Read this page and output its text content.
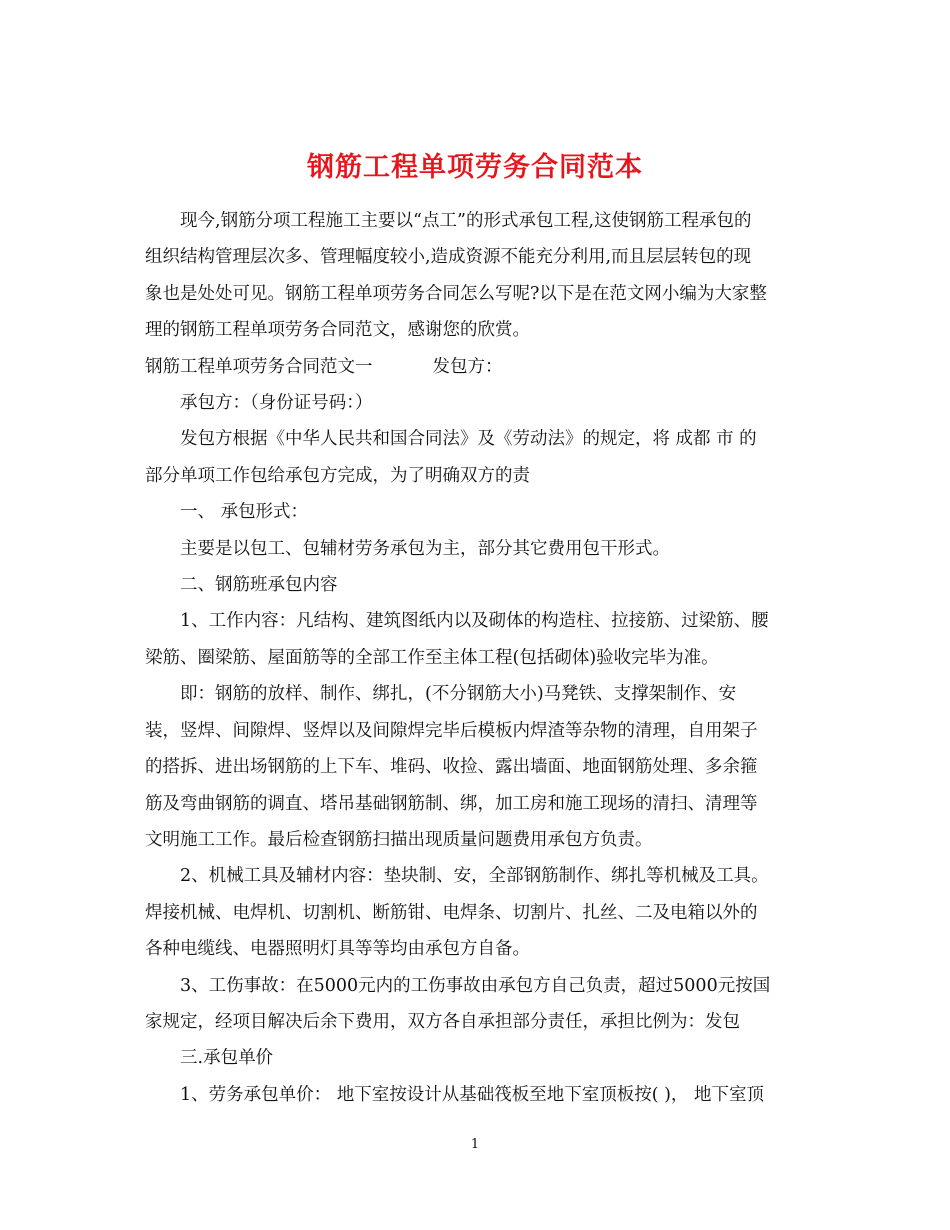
钢筋工程单项劳务合同范本

现今,钢筋分项工程施工主要以“点工”的形式承包工程,这使钢筋工程承包的

组织结构管理层次多、管理幅度较小,造成资源不能充分利用,而且层层转包的现

象也是处处可见。钢筋工程单项劳务合同怎么写呢?以下是在范文网小编为大家整

理的钢筋工程单项劳务合同范文，感谢您的欣赏。

钢筋工程单项劳务合同范文一	发包方：

承包方：（身份证号码：）

发包方根据《中华人民共和国合同法》及《劳动法》的规定，将 成都 市 的

部分单项工作包给承包方完成，为了明确双方的责

一、 承包形式：

主要是以包工、包辅材劳务承包为主，部分其它费用包干形式。

二、钢筋班承包内容

1、工作内容：凡结构、建筑图纸内以及砌体的构造柱、拉接筋、过梁筋、腰

梁筋、圈梁筋、屋面筋等的全部工作至主体工程(包括砌体)验收完毕为准。

即：钢筋的放样、制作、绑扎，(不分钢筋大小)马凳铁、支撑架制作、安

装，竖焊、间隙焊、竖焊以及间隙焊完毕后模板内焊渣等杂物的清理，自用架子

的搭拆、进出场钢筋的上下车、堆码、收捡、露出墙面、地面钢筋处理、多余箍

筋及弯曲钢筋的调直、塔吊基础钢筋制、绑，加工房和施工现场的清扫、清理等

文明施工工作。最后检查钢筋扫描出现质量问题费用承包方负责。

2、机械工具及辅材内容：垫块制、安，全部钢筋制作、绑扎等机械及工具。

焊接机械、电焊机、切割机、断筋钳、电焊条、切割片、扎丝、二及电箱以外的

各种电缆线、电器照明灯具等等均由承包方自备。

3、工伤事故：在5000元内的工伤事故由承包方自己负责，超过5000元按国

家规定，经项目解决后余下费用，双方各自承担部分责任，承担比例为：发包

三.承包单价

1、劳务承包单价： 地下室按设计从基础筏板至地下室顶板按( )， 地下室顶

1
